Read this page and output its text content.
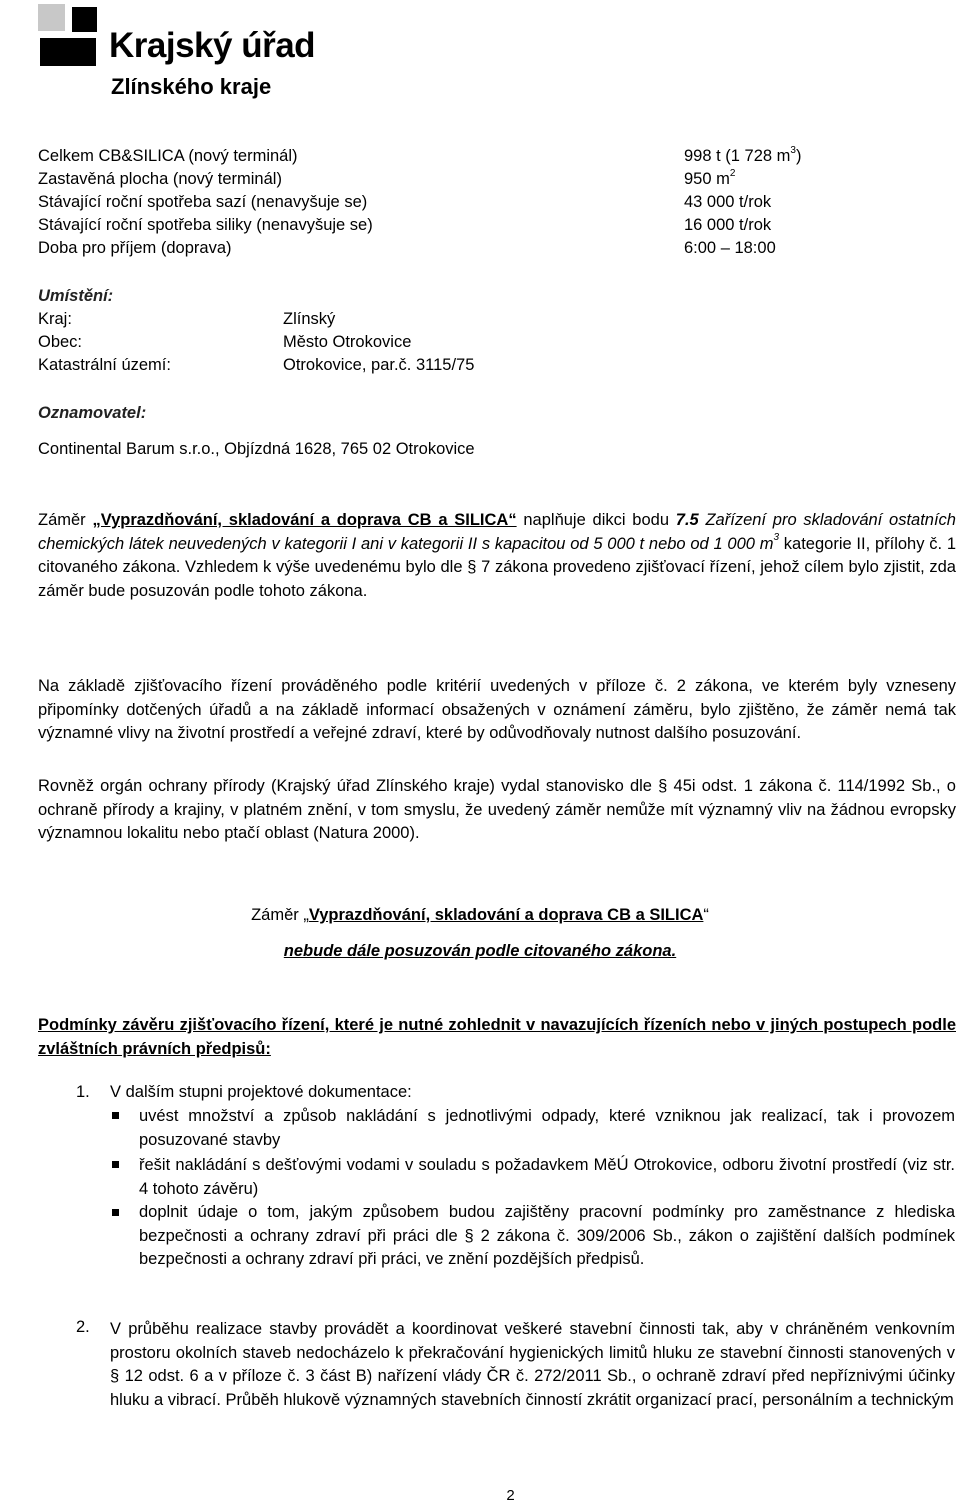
Krajský úřad
Zlínského kraje
Celkem CB&SILICA (nový terminál)	998 t (1 728 $m^3$)
Zastavěná plocha (nový terminál)	950 $m^2$
Stávající roční spotřeba sazí (nenavyšuje se)	43 000 t/rok
Stávající roční spotřeba siliky (nenavyšuje se)	16 000 t/rok
Doba pro příjem (doprava)	6:00 – 18:00
Umístění:
Kraj:	Zlínský
Obec:	Město Otrokovice
Katastrální území:	Otrokovice, par.č. 3115/75
Oznamovatel:
Continental Barum s.r.o., Objízdná 1628, 765 02 Otrokovice
Záměr „Vyprazdňování, skladování a doprava CB a SILICA“ naplňuje dikci bodu 7.5 Zařízení pro skladování ostatních chemických látek neuvedených v kategorii I ani v kategorii II s kapacitou od 5 000 t nebo od 1 000 $m^3$ kategorie II, přílohy č. 1 citovaného zákona. Vzhledem k výše uvedenému bylo dle § 7 zákona provedeno zjišťovací řízení, jehož cílem bylo zjistit, zda záměr bude posuzován podle tohoto zákona.
Na základě zjišťovacího řízení prováděného podle kritérií uvedených v příloze č. 2 zákona, ve kterém byly vzneseny připomínky dotčených úřadů a na základě informací obsažených v oznámení záměru, bylo zjištěno, že záměr nemá tak významné vlivy na životní prostředí a veřejné zdraví, které by odůvodňovaly nutnost dalšího posuzování.
Rovněž orgán ochrany přírody (Krajský úřad Zlínského kraje) vydal stanovisko dle § 45i odst. 1 zákona č. 114/1992 Sb., o ochraně přírody a krajiny, v platném znění, v tom smyslu, že uvedený záměr nemůže mít významný vliv na žádnou evropsky významnou lokalitu nebo ptačí oblast (Natura 2000).
Záměr „Vyprazdňování, skladování a doprava CB a SILICA“
nebude dále posuzován podle citovaného zákona.
Podmínky závěru zjišťovacího řízení, které je nutné zohlednit v navazujících řízeních nebo v jiných postupech podle zvláštních právních předpisů:
1. V dalším stupni projektové dokumentace:
uvést množství a způsob nakládání s jednotlivými odpady, které vzniknou jak realizací, tak i provozem posuzované stavby
řešit nakládání s dešťovými vodami v souladu s požadavkem MěÚ Otrokovice, odboru životní prostředí (viz str. 4 tohoto závěru)
doplnit údaje o tom, jakým způsobem budou zajištěny pracovní podmínky pro zaměstnance z hlediska bezpečnosti a ochrany zdraví při práci dle § 2 zákona č. 309/2006 Sb., zákon o zajištění dalších podmínek bezpečnosti a ochrany zdraví při práci, ve znění pozdějších předpisů.
2. V průběhu realizace stavby provádět a koordinovat veškeré stavební činnosti tak, aby v chráněném venkovním prostoru okolních staveb nedocházelo k překračování hygienických limitů hluku ze stavební činnosti stanovených v § 12 odst. 6 a v příloze č. 3 část B) nařízení vlády ČR č. 272/2011 Sb., o ochraně zdraví před nepříznivými účinky hluku a vibrací. Průběh hlukově významných stavebních činností zkrátit organizací prací, personálním a technickým
2
